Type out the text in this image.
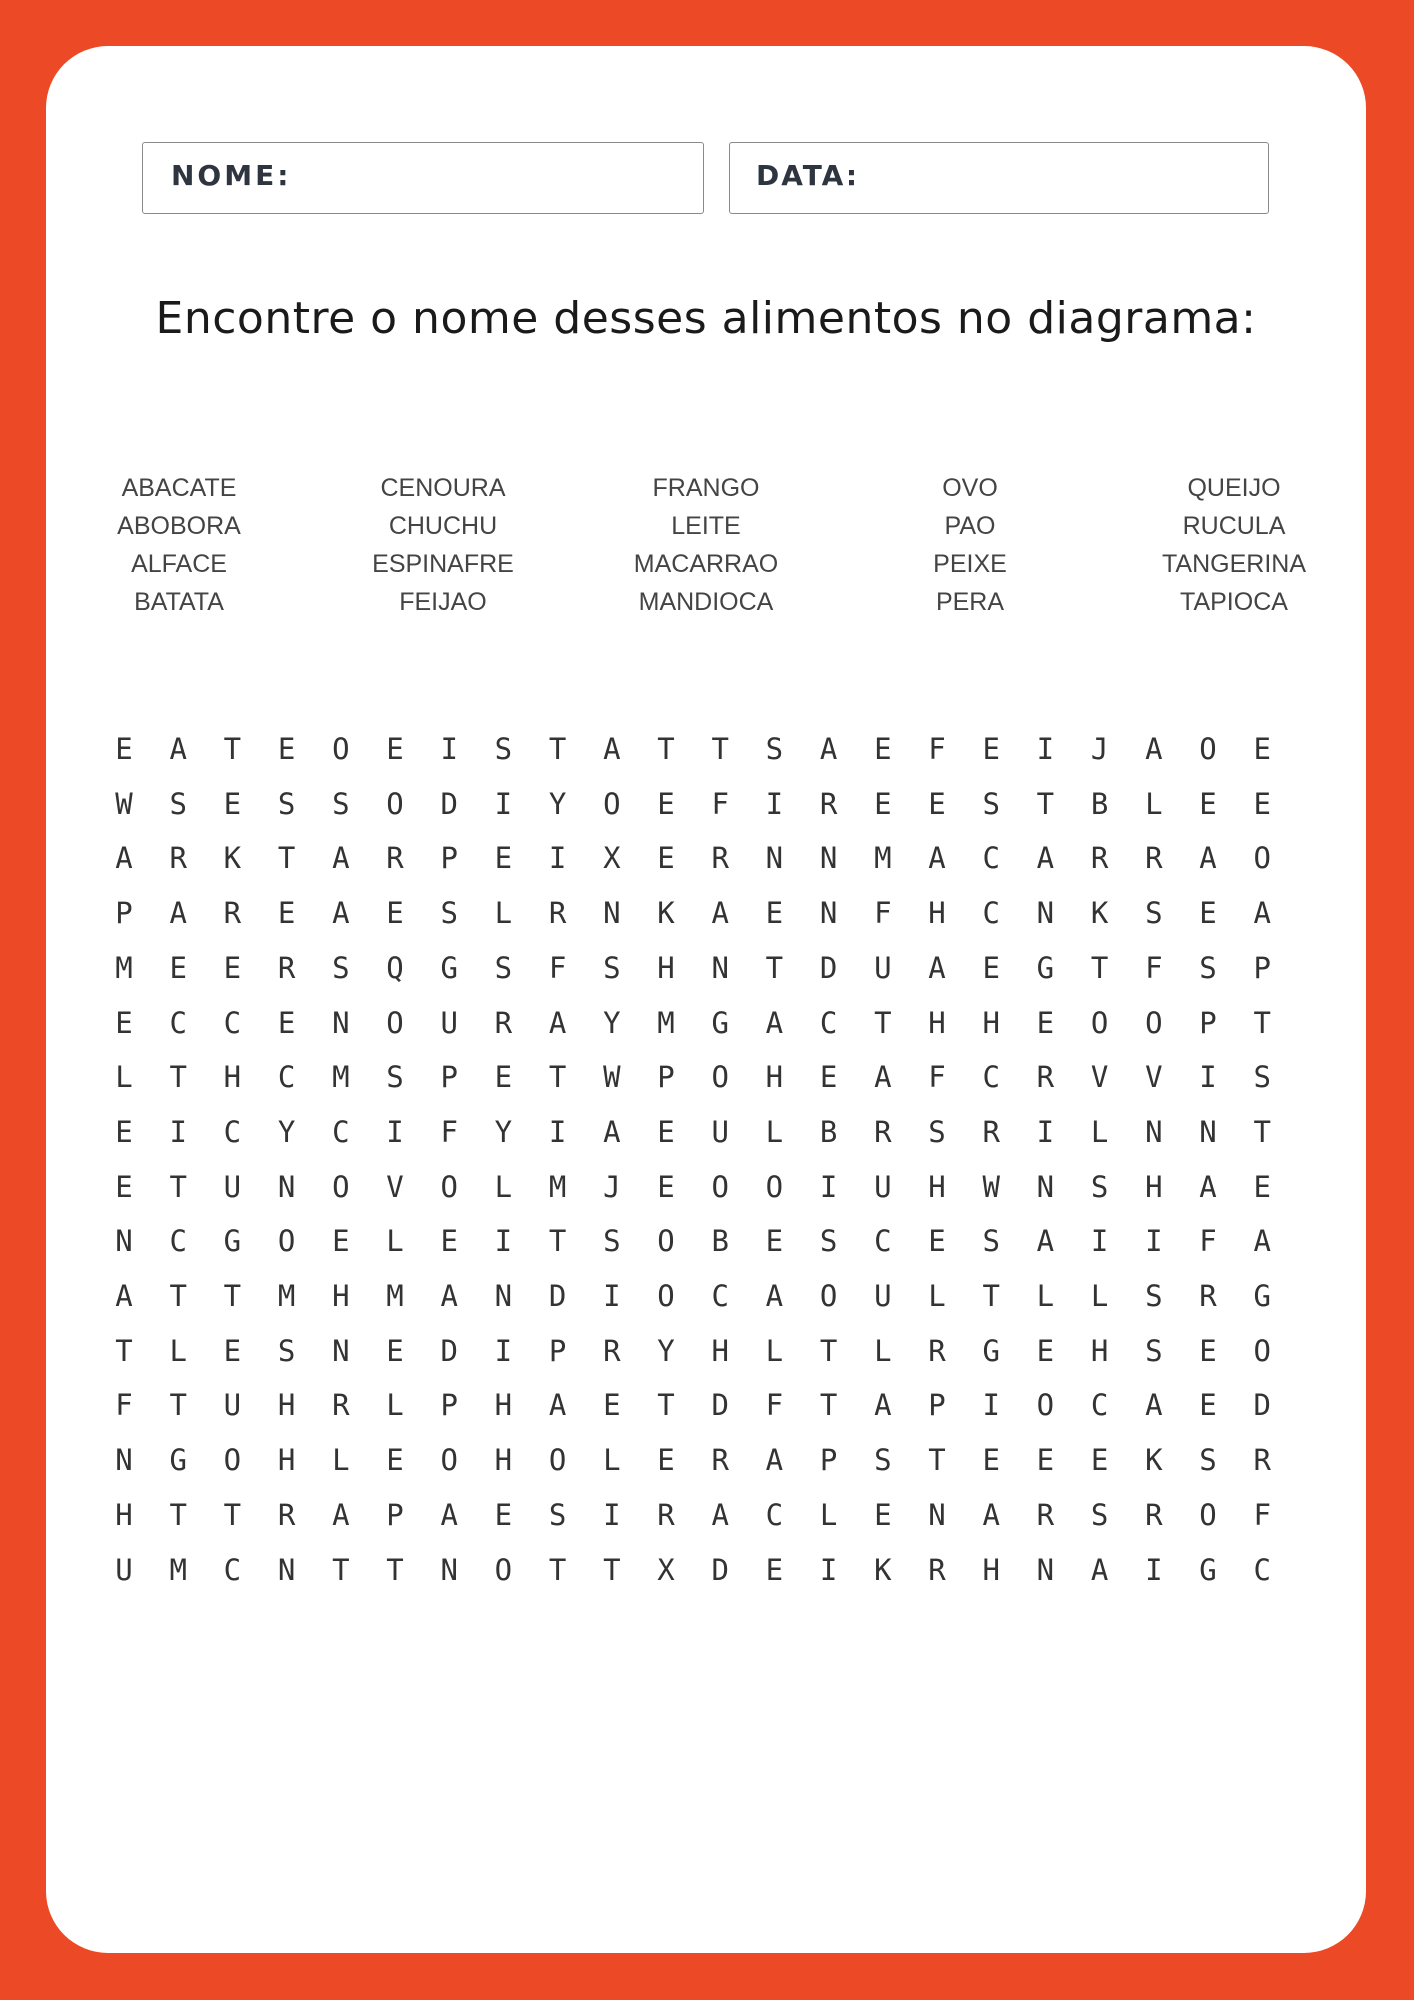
NOME:	DATA:
Encontre o nome desses alimentos no diagrama:
ABACATE
ABOBORA
ALFACE
BATATA
CENOURA
CHUCHU
ESPINAFRE
FEIJAO
FRANGO
LEITE
MACARRAO
MANDIOCA
OVO
PAO
PEIXE
PERA
QUEIJO
RUCULA
TANGERINA
TAPIOCA
E	A	T	E	O	E	I	S	T	A	T	T	S	A	E	F	E	I	J	A	O	E
W	S	E	S	S	O	D	I	Y	O	E	F	I	R	E	E	S	T	B	L	E	E
A	R	K	T	A	R	P	E	I	X	E	R	N	N	M	A	C	A	R	R	A	O
P	A	R	E	A	E	S	L	R	N	K	A	E	N	F	H	C	N	K	S	E	A
M	E	E	R	S	Q	G	S	F	S	H	N	T	D	U	A	E	G	T	F	S	P
E	C	C	E	N	O	U	R	A	Y	M	G	A	C	T	H	H	E	O	O	P	T
L	T	H	C	M	S	P	E	T	W	P	O	H	E	A	F	C	R	V	V	I	S
E	I	C	Y	C	I	F	Y	I	A	E	U	L	B	R	S	R	I	L	N	N	T
E	T	U	N	O	V	O	L	M	J	E	O	O	I	U	H	W	N	S	H	A	E
N	C	G	O	E	L	E	I	T	S	O	B	E	S	C	E	S	A	I	I	F	A
A	T	T	M	H	M	A	N	D	I	O	C	A	O	U	L	T	L	L	S	R	G
T	L	E	S	N	E	D	I	P	R	Y	H	L	T	L	R	G	E	H	S	E	O
F	T	U	H	R	L	P	H	A	E	T	D	F	T	A	P	I	O	C	A	E	D
N	G	O	H	L	E	O	H	O	L	E	R	A	P	S	T	E	E	E	K	S	R
H	T	T	R	A	P	A	E	S	I	R	A	C	L	E	N	A	R	S	R	O	F
U	M	C	N	T	T	N	O	T	T	X	D	E	I	K	R	H	N	A	I	G	C
